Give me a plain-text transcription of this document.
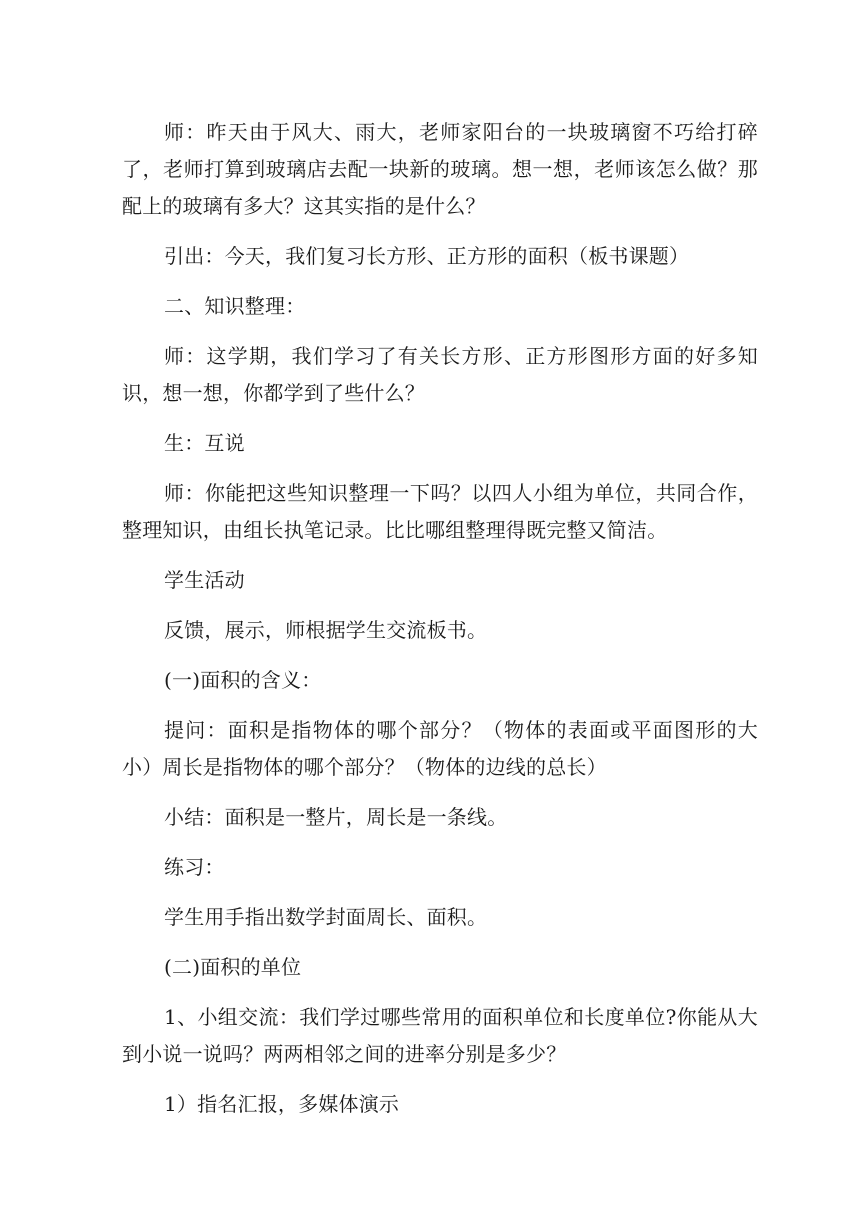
师：昨天由于风大、雨大，老师家阳台的一块玻璃窗不巧给打碎了，老师打算到玻璃店去配一块新的玻璃。想一想，老师该怎么做？那配上的玻璃有多大？这其实指的是什么？

引出：今天，我们复习长方形、正方形的面积（板书课题）

二、知识整理：

师：这学期，我们学习了有关长方形、正方形图形方面的好多知识，想一想，你都学到了些什么？

生：互说

师：你能把这些知识整理一下吗？以四人小组为单位，共同合作，整理知识，由组长执笔记录。比比哪组整理得既完整又简洁。

学生活动

反馈，展示，师根据学生交流板书。

(一)面积的含义：

提问：面积是指物体的哪个部分？（物体的表面或平面图形的大小）周长是指物体的哪个部分？（物体的边线的总长）

小结：面积是一整片，周长是一条线。

练习：

学生用手指出数学封面周长、面积。

(二)面积的单位

1、小组交流：我们学过哪些常用的面积单位和长度单位?你能从大到小说一说吗？两两相邻之间的进率分别是多少？

1）指名汇报，多媒体演示
